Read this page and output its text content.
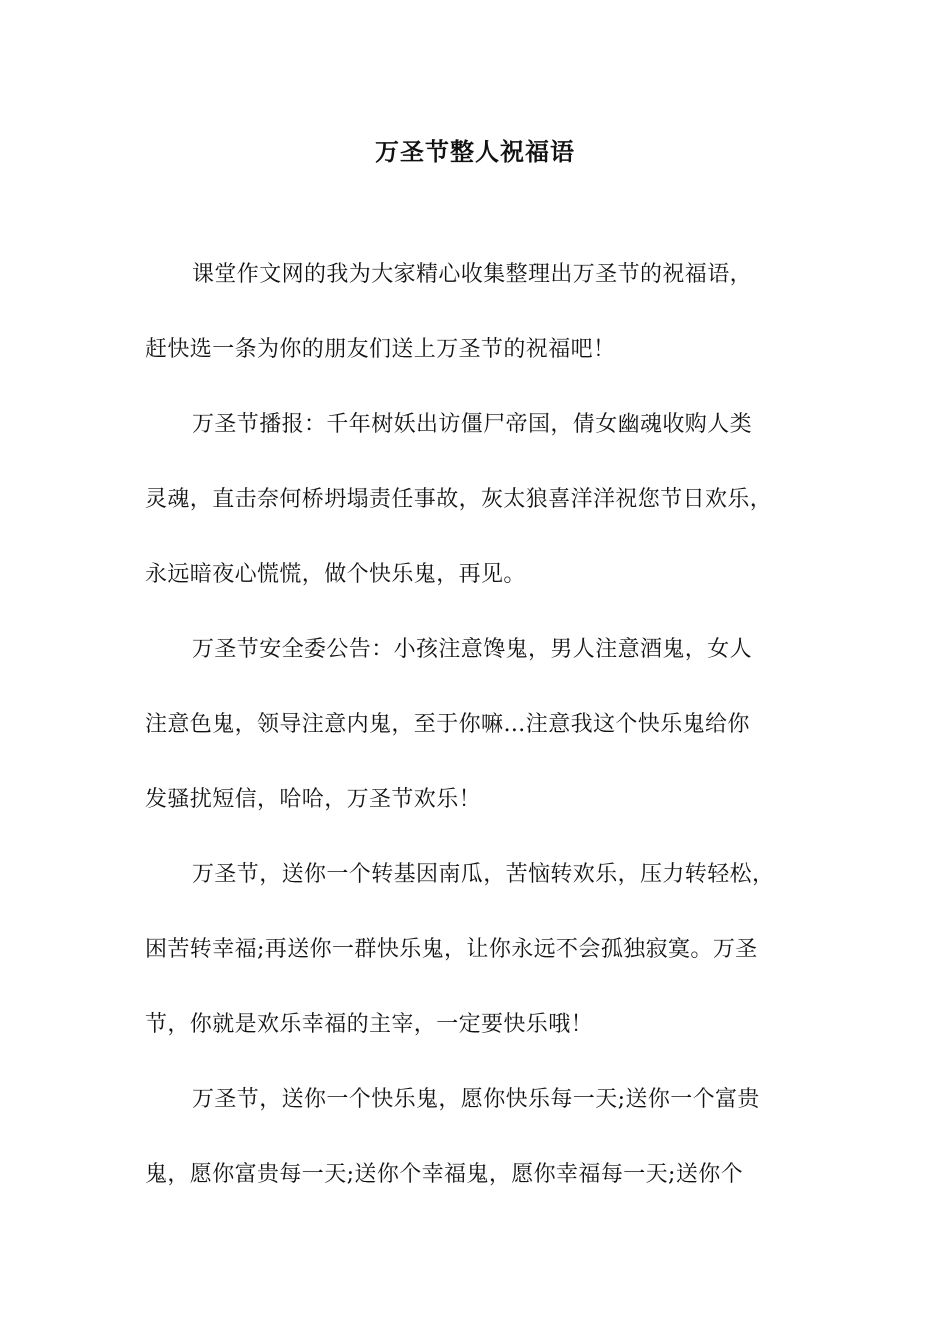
万圣节整人祝福语
课堂作文网的我为大家精心收集整理出万圣节的祝福语，
赶快选一条为你的朋友们送上万圣节的祝福吧！
万圣节播报：千年树妖出访僵尸帝国，倩女幽魂收购人类
灵魂，直击奈何桥坍塌责任事故，灰太狼喜洋洋祝您节日欢乐，
永远暗夜心慌慌，做个快乐鬼，再见。
万圣节安全委公告：小孩注意馋鬼，男人注意酒鬼，女人
注意色鬼，领导注意内鬼，至于你嘛…注意我这个快乐鬼给你
发骚扰短信，哈哈，万圣节欢乐！
万圣节，送你一个转基因南瓜，苦恼转欢乐，压力转轻松，
困苦转幸福;再送你一群快乐鬼，让你永远不会孤独寂寞。万圣
节，你就是欢乐幸福的主宰，一定要快乐哦！
万圣节，送你一个快乐鬼，愿你快乐每一天;送你一个富贵
鬼，愿你富贵每一天;送你个幸福鬼，愿你幸福每一天;送你个
